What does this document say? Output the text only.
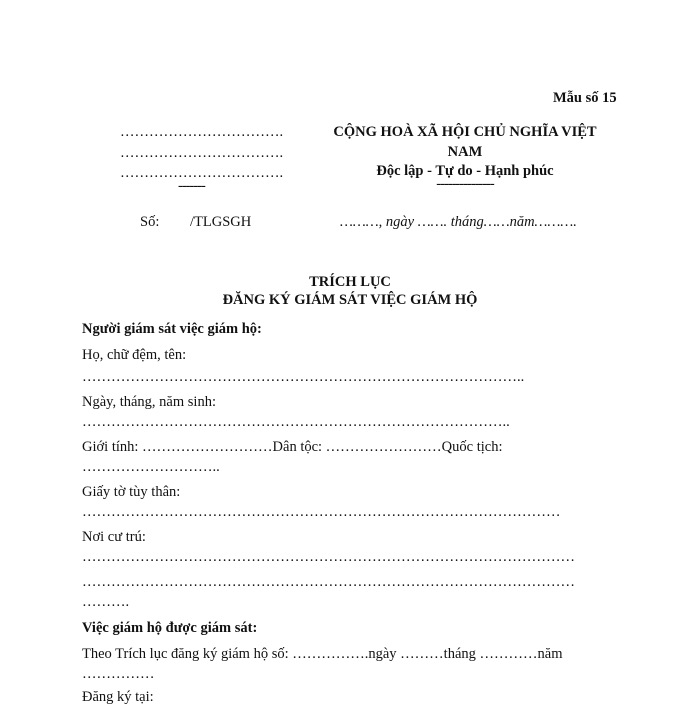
Mẫu số 15
…………………………….
…………………………….
…………………………….
-------
CỘNG HOÀ XÃ HỘI CHỦ NGHĨA VIỆT
NAM
Độc lập - Tự do - Hạnh phúc
---------------
Số: /TLGSGH	………, ngày ……. tháng……năm……….
TRÍCH LỤC
ĐĂNG KÝ GIÁM SÁT VIỆC GIÁM HỘ
Người giám sát việc giám hộ:
Họ, chữ đệm, tên:
………………………………………………………………………………..
Ngày, tháng, năm sinh:
……………………………………………………………………………..
Giới tính: ………………………Dân tộc: ……………………Quốc tịch:
………………………..
Giấy tờ tùy thân:
………………………………………………………………………………………
Nơi cư trú:
…………………………………………………………………………………………
…………………………………………………………………………………………
……….
Việc giám hộ được giám sát:
Theo Trích lục đăng ký giám hộ số: …………….ngày ………tháng …………năm
……………
Đăng ký tại:
